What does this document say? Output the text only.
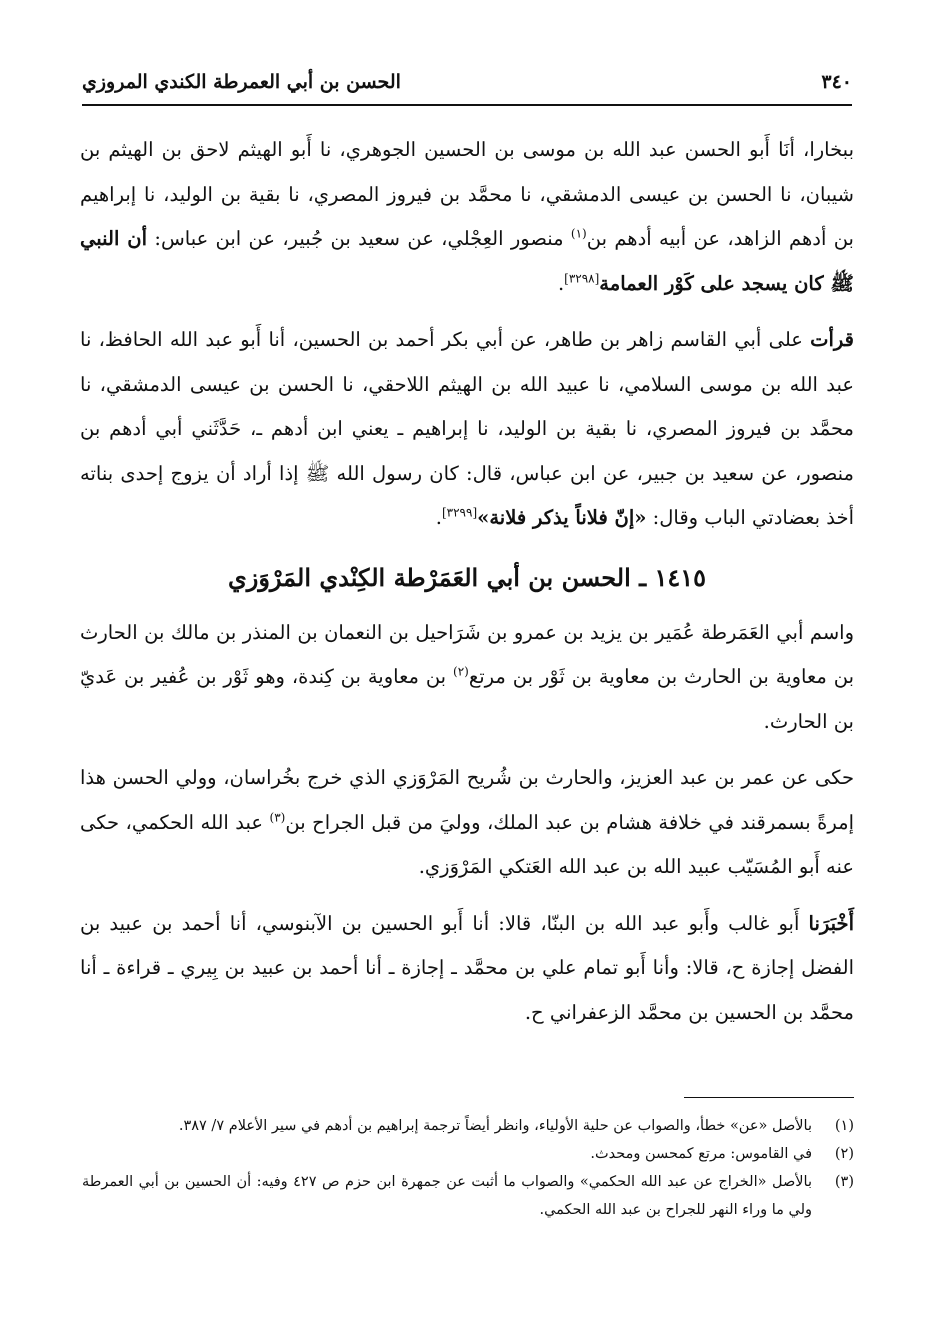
٣٤٠
الحسن بن أبي العمرطة الكندي المروزي

ببخارا، أنَا أَبو الحسن عبد الله بن موسى بن الحسين الجوهري، نا أَبو الهيثم لاحق بن الهيثم بن شيبان، نا الحسن بن عيسى الدمشقي، نا محمَّد بن فيروز المصري، نا بقية بن الوليد، نا إبراهيم بن أدهم الزاهد، عن أبيه أدهم بن$^{(١)}$ منصور العِجْلي، عن سعيد بن جُبير، عن ابن عباس: أن النبي ﷺ كان يسجد على كَوْر العمامة[٣٢٩٨].

قرأت على أبي القاسم زاهر بن طاهر، عن أبي بكر أحمد بن الحسين، أنا أَبو عبد الله الحافظ، نا عبد الله بن موسى السلامي، نا عبيد الله بن الهيثم اللاحقي، نا الحسن بن عيسى الدمشقي، نا محمَّد بن فيروز المصري، نا بقية بن الوليد، نا إبراهيم ـ يعني ابن أدهم ـ، حَدَّثَني أبي أدهم بن منصور، عن سعيد بن جبير، عن ابن عباس، قال: كان رسول الله ﷺ إذا أراد أن يزوج إحدى بناته أخذ بعضادتي الباب وقال: «إنّ فلاناً يذكر فلانة»[٣٢٩٩].

١٤١٥ ـ الحسن بن أبي العَمَرْطة الكِنْدي المَرْوَزي

واسم أبي العَمَرطة عُمَير بن يزيد بن عمرو بن شَرَاحيل بن النعمان بن المنذر بن مالك بن الحارث بن معاوية بن الحارث بن معاوية بن ثَوْر بن مرتع$^{(٢)}$ بن معاوية بن كِندة، وهو ثَوْر بن عُفير بن عَديّ بن الحارث.

حكى عن عمر بن عبد العزيز، والحارث بن شُريح المَرْوَزي الذي خرج بخُراسان، وولي الحسن هذا إمرةً بسمرقند في خلافة هشام بن عبد الملك، ووليَ من قبل الجراح بن$^{(٣)}$ عبد الله الحكمي، حكى عنه أَبو المُسَيّب عبيد الله بن عبد الله العَتكي المَرْوَزي.

أَخْبَرَنا أَبو غالب وأَبو عبد الله بن البنّا، قالا: أنا أَبو الحسين بن الآبنوسي، أنا أحمد بن عبيد بن الفضل إجازة ح، قالا: وأنا أَبو تمام علي بن محمَّد ـ إجازة ـ أنا أحمد بن عبيد بن بِيري ـ قراءة ـ أنا محمَّد بن الحسين بن محمَّد الزعفراني ح.

(١)
بالأصل «عن» خطأ، والصواب عن حلية الأولياء، وانظر أيضاً ترجمة إبراهيم بن أدهم في سير الأعلام ٧/ ٣٨٧.
(٢)
في القاموس: مرتع كمحسن ومحدث.
(٣)
بالأصل «الخراج عن عبد الله الحكمي» والصواب ما أثبت عن جمهرة ابن حزم ص ٤٢٧ وفيه: أن الحسين بن أبي العمرطة ولي ما وراء النهر للجراح بن عبد الله الحكمي.
